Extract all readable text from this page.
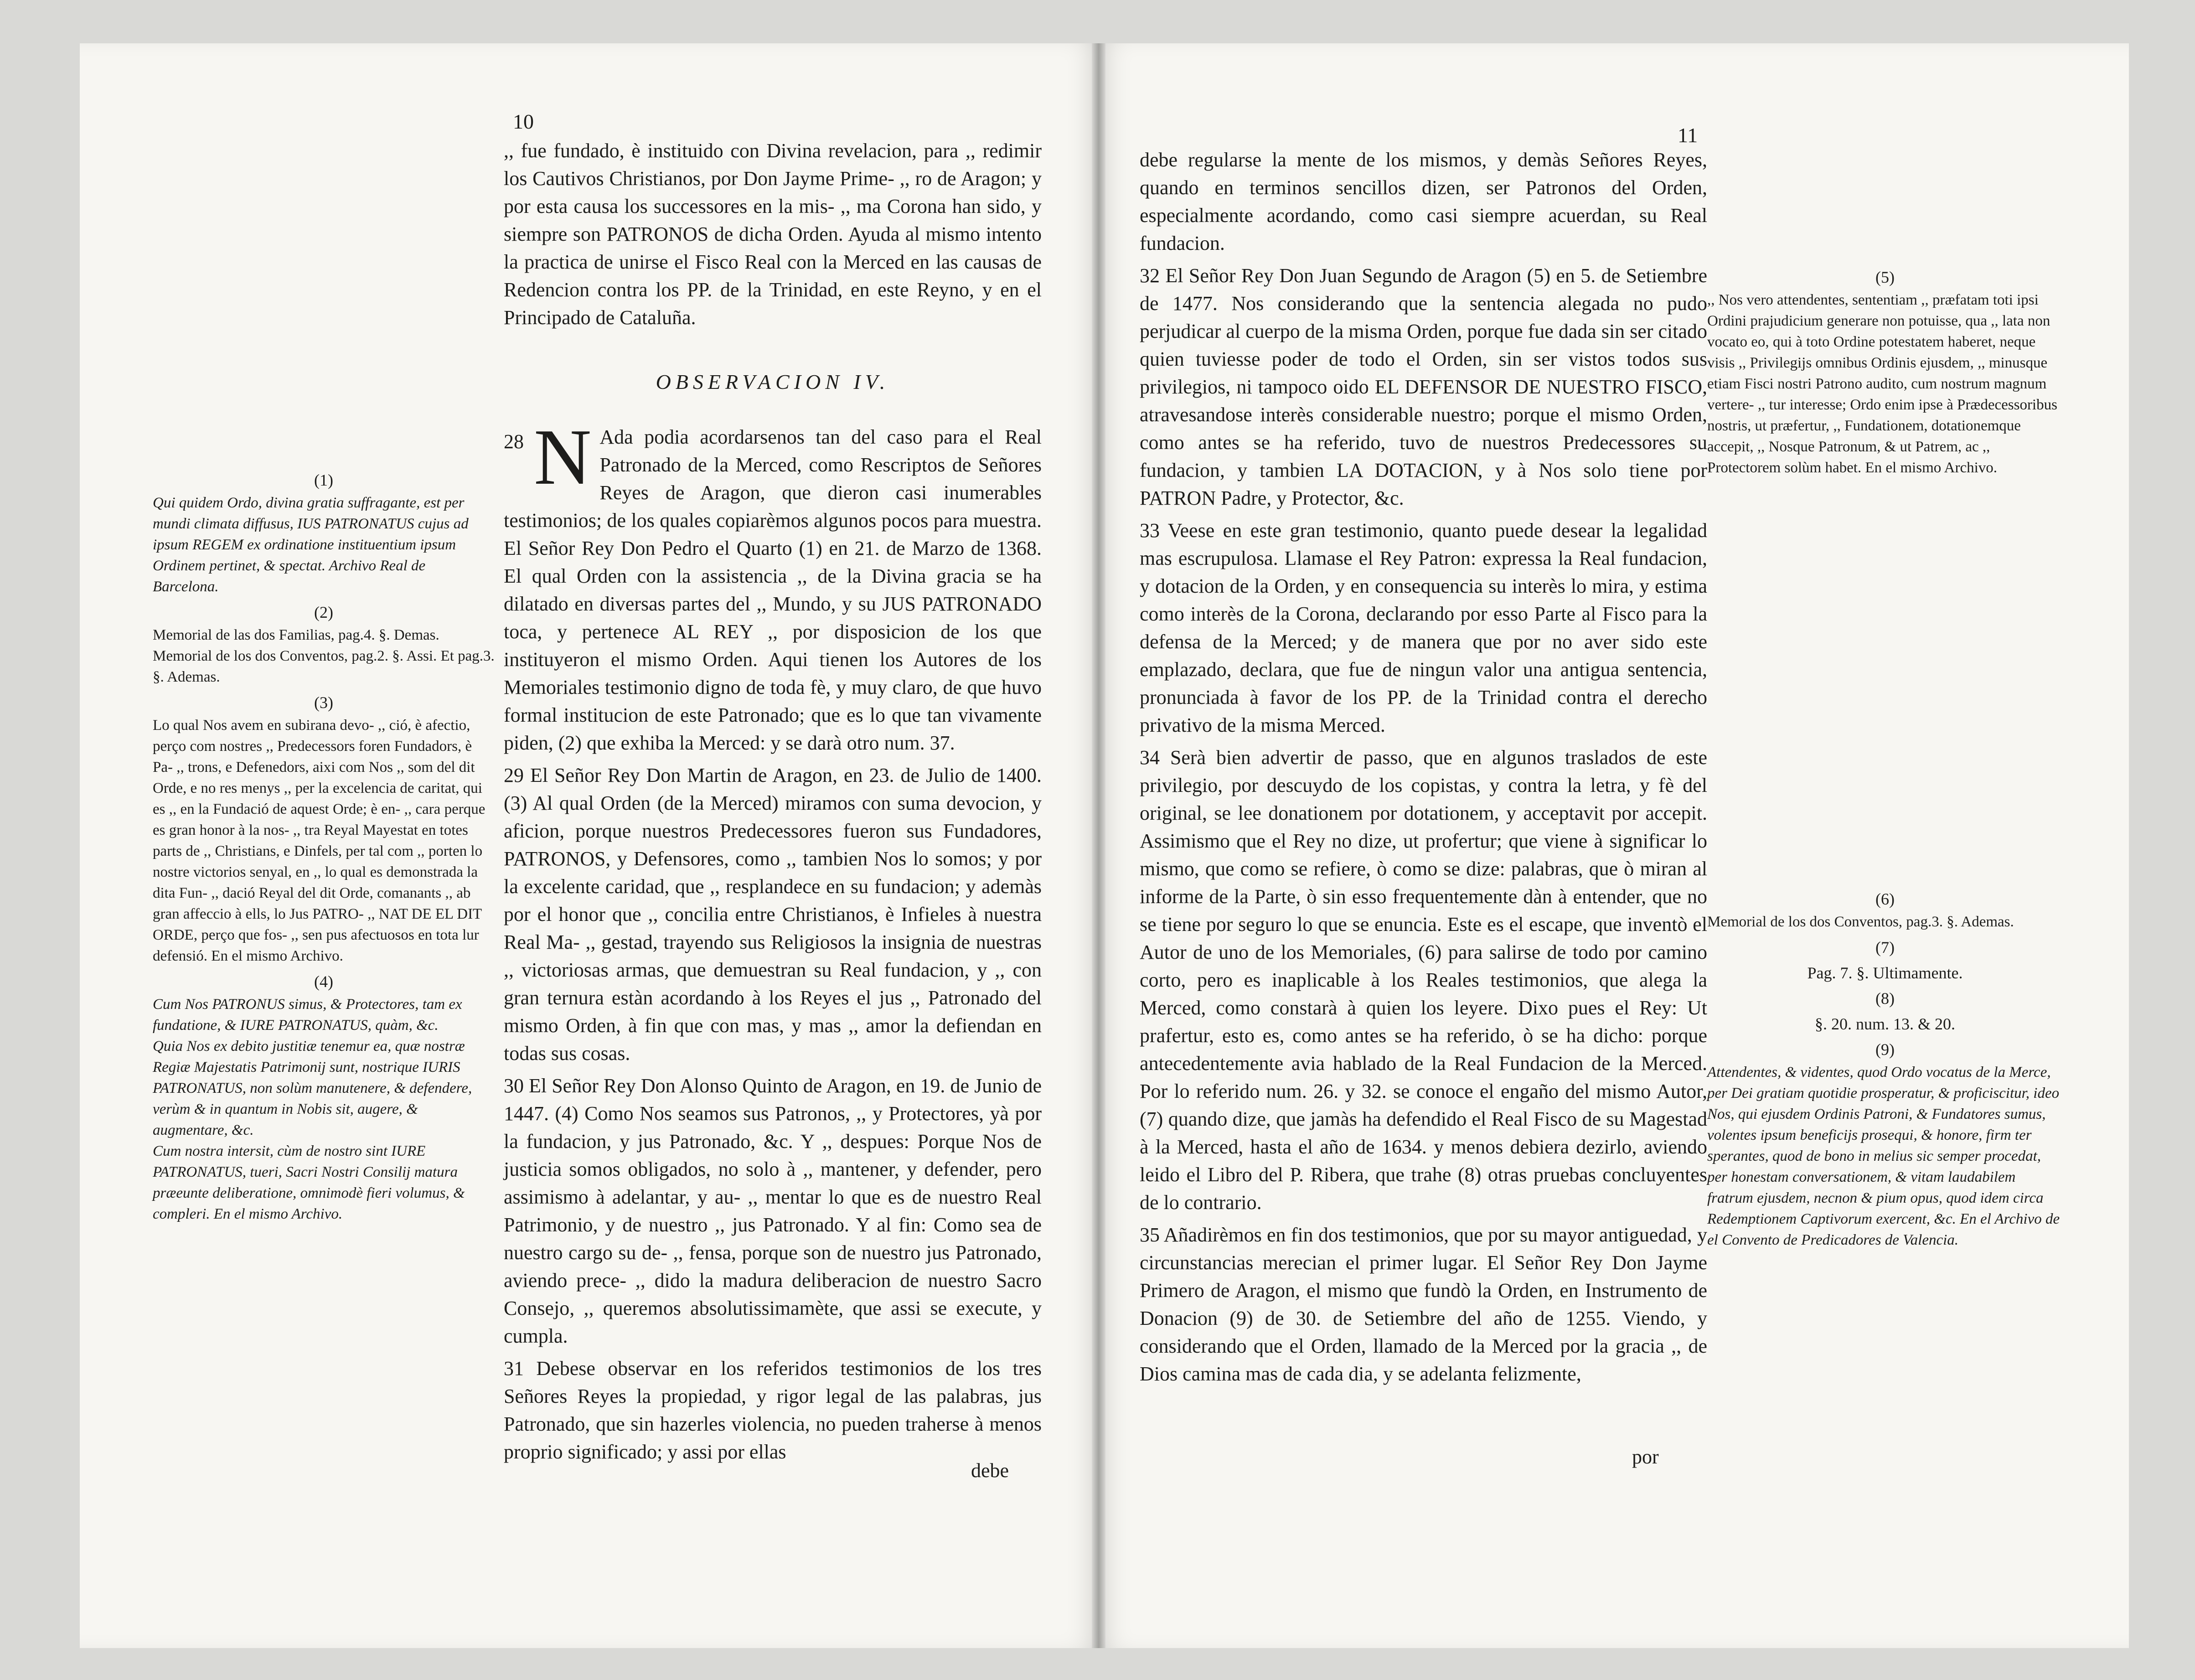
10

,, fue fundado, è instituido con Divina revelacion, para ,, redimir los Cautivos Christianos, por Don Jayme Prime- ,, ro de Aragon; y por esta causa los successores en la mis- ,, ma Corona han sido, y siempre son PATRONOS de dicha Orden. Ayuda al mismo intento la practica de unirse el Fisco Real con la Merced en las causas de Redencion contra los PP. de la Trinidad, en este Reyno, y en el Principado de Cataluña.

OBSERVACION IV.

28 N Ada podia acordarsenos tan del caso para el Real Patronado de la Merced, como Rescriptos de Señores Reyes de Aragon, que dieron casi inumerables testimonios; de los quales copiarèmos algunos pocos para muestra. El Señor Rey Don Pedro el Quarto (1) en 21. de Marzo de 1368. El qual Orden con la assistencia ,, de la Divina gracia se ha dilatado en diversas partes del ,, Mundo, y su JUS PATRONADO toca, y pertenece AL REY ,, por disposicion de los que instituyeron el mismo Orden. Aqui tienen los Autores de los Memoriales testimonio digno de toda fè, y muy claro, de que huvo formal institucion de este Patronado; que es lo que tan vivamente piden, (2) que exhiba la Merced: y se darà otro num. 37.

29 El Señor Rey Don Martin de Aragon, en 23. de Julio de 1400. (3) Al qual Orden (de la Merced) miramos con suma devocion, y aficion, porque nuestros Predecessores fueron sus Fundadores, PATRONOS, y Defensores, como ,, tambien Nos lo somos; y por la excelente caridad, que ,, resplandece en su fundacion; y ademàs por el honor que ,, concilia entre Christianos, è Infieles à nuestra Real Ma- ,, gestad, trayendo sus Religiosos la insignia de nuestras ,, victoriosas armas, que demuestran su Real fundacion, y ,, con gran ternura estàn acordando à los Reyes el jus ,, Patronado del mismo Orden, à fin que con mas, y mas ,, amor la defiendan en todas sus cosas.

30 El Señor Rey Don Alonso Quinto de Aragon, en 19. de Junio de 1447. (4) Como Nos seamos sus Patronos, ,, y Protectores, yà por la fundacion, y jus Patronado, &c. Y ,, despues: Porque Nos de justicia somos obligados, no solo à ,, mantener, y defender, pero assimismo à adelantar, y au- ,, mentar lo que es de nuestro Real Patrimonio, y de nuestro ,, jus Patronado. Y al fin: Como sea de nuestro cargo su de- ,, fensa, porque son de nuestro jus Patronado, aviendo prece- ,, dido la madura deliberacion de nuestro Sacro Consejo, ,, queremos absolutissimamète, que assi se execute, y cumpla.

31 Debese observar en los referidos testimonios de los tres Señores Reyes la propiedad, y rigor legal de las palabras, jus Patronado, que sin hazerles violencia, no pueden traherse à menos proprio significado; y assi por ellas

debe

(1)

Qui quidem Ordo, divina gratia suffragante, est per mundi climata diffusus, IUS PATRONATUS cujus ad ipsum REGEM ex ordinatione instituentium ipsum Ordinem pertinet, & spectat. Archivo Real de Barcelona.

(2)

Memorial de las dos Familias, pag.4. §. Demas.

Memorial de los dos Conventos, pag.2. §. Assi. Et pag.3. §. Ademas.

(3)

Lo qual Nos avem en subirana devo- ,, ció, è afectio, perço com nostres ,, Predecessors foren Fundadors, è Pa- ,, trons, e Defenedors, aixi com Nos ,, som del dit Orde, e no res menys ,, per la excelencia de caritat, qui es ,, en la Fundació de aquest Orde; è en- ,, cara perque es gran honor à la nos- ,, tra Reyal Mayestat en totes parts de ,, Christians, e Dinfels, per tal com ,, porten lo nostre victorios senyal, en ,, lo qual es demonstrada la dita Fun- ,, dació Reyal del dit Orde, comanants ,, ab gran affeccio à ells, lo Jus PATRO- ,, NAT DE EL DIT ORDE, perço que fos- ,, sen pus afectuosos en tota lur defensió. En el mismo Archivo.

(4)

Cum Nos PATRONUS simus, & Protectores, tam ex fundatione, & IURE PATRONATUS, quàm, &c.

Quia Nos ex debito justitiæ tenemur ea, quæ nostræ Regiæ Majestatis Patrimonij sunt, nostrique IURIS PATRONATUS, non solùm manutenere, & defendere, verùm & in quantum in Nobis sit, augere, & augmentare, &c.

Cum nostra intersit, cùm de nostro sint IURE PATRONATUS, tueri, Sacri Nostri Consilij matura præeunte deliberatione, omnimodè fieri volumus, & compleri. En el mismo Archivo.

11

debe regularse la mente de los mismos, y demàs Señores Reyes, quando en terminos sencillos dizen, ser Patronos del Orden, especialmente acordando, como casi siempre acuerdan, su Real fundacion.

32 El Señor Rey Don Juan Segundo de Aragon (5) en 5. de Setiembre de 1477. Nos considerando que la sentencia alegada no pudo perjudicar al cuerpo de la misma Orden, porque fue dada sin ser citado quien tuviesse poder de todo el Orden, sin ser vistos todos sus privilegios, ni tampoco oido EL DEFENSOR DE NUESTRO FISCO, atravesandose interès considerable nuestro; porque el mismo Orden, como antes se ha referido, tuvo de nuestros Predecessores su fundacion, y tambien LA DOTACION, y à Nos solo tiene por PATRON Padre, y Protector, &c.

33 Veese en este gran testimonio, quanto puede desear la legalidad mas escrupulosa. Llamase el Rey Patron: expressa la Real fundacion, y dotacion de la Orden, y en consequencia su interès lo mira, y estima como interès de la Corona, declarando por esso Parte al Fisco para la defensa de la Merced; y de manera que por no aver sido este emplazado, declara, que fue de ningun valor una antigua sentencia, pronunciada à favor de los PP. de la Trinidad contra el derecho privativo de la misma Merced.

34 Serà bien advertir de passo, que en algunos traslados de este privilegio, por descuydo de los copistas, y contra la letra, y fè del original, se lee donationem por dotationem, y acceptavit por accepit. Assimismo que el Rey no dize, ut profertur; que viene à significar lo mismo, que como se refiere, ò como se dize: palabras, que ò miran al informe de la Parte, ò sin esso frequentemente dàn à entender, que no se tiene por seguro lo que se enuncia. Este es el escape, que inventò el Autor de uno de los Memoriales, (6) para salirse de todo por camino corto, pero es inaplicable à los Reales testimonios, que alega la Merced, como constarà à quien los leyere. Dixo pues el Rey: Ut prafertur, esto es, como antes se ha referido, ò se ha dicho: porque antecedentemente avia hablado de la Real Fundacion de la Merced. Por lo referido num. 26. y 32. se conoce el engaño del mismo Autor, (7) quando dize, que jamàs ha defendido el Real Fisco de su Magestad à la Merced, hasta el año de 1634. y menos debiera dezirlo, aviendo leido el Libro del P. Ribera, que trahe (8) otras pruebas concluyentes de lo contrario.

35 Añadirèmos en fin dos testimonios, que por su mayor antiguedad, y circunstancias merecian el primer lugar. El Señor Rey Don Jayme Primero de Aragon, el mismo que fundò la Orden, en Instrumento de Donacion (9) de 30. de Setiembre del año de 1255. Viendo, y considerando que el Orden, llamado de la Merced por la gracia ,, de Dios camina mas de cada dia, y se adelanta felizmente,

por

(5)

,, Nos vero attendentes, sententiam ,, præfatam toti ipsi Ordini prajudicium generare non potuisse, qua ,, lata non vocato eo, qui à toto Ordine potestatem haberet, neque visis ,, Privilegijs omnibus Ordinis ejusdem, ,, minusque etiam Fisci nostri Patrono audito, cum nostrum magnum vertere- ,, tur interesse; Ordo enim ipse à Prædecessoribus nostris, ut præfertur, ,, Fundationem, dotationemque accepit, ,, Nosque Patronum, & ut Patrem, ac ,, Protectorem solùm habet. En el mismo Archivo.

(6)

Memorial de los dos Conventos, pag.3. §. Ademas.

(7)

Pag. 7. §. Ultimamente.

(8)

§. 20. num. 13. & 20.

(9)

Attendentes, & videntes, quod Ordo vocatus de la Merce, per Dei gratiam quotidie prosperatur, & proficiscitur, ideo Nos, qui ejusdem Ordinis Patroni, & Fundatores sumus, volentes ipsum beneficijs prosequi, & honore, firm ter sperantes, quod de bono in melius sic semper procedat, per honestam conversationem, & vitam laudabilem fratrum ejusdem, necnon & pium opus, quod idem circa Redemptionem Captivorum exercent, &c. En el Archivo de el Convento de Predicadores de Valencia.
